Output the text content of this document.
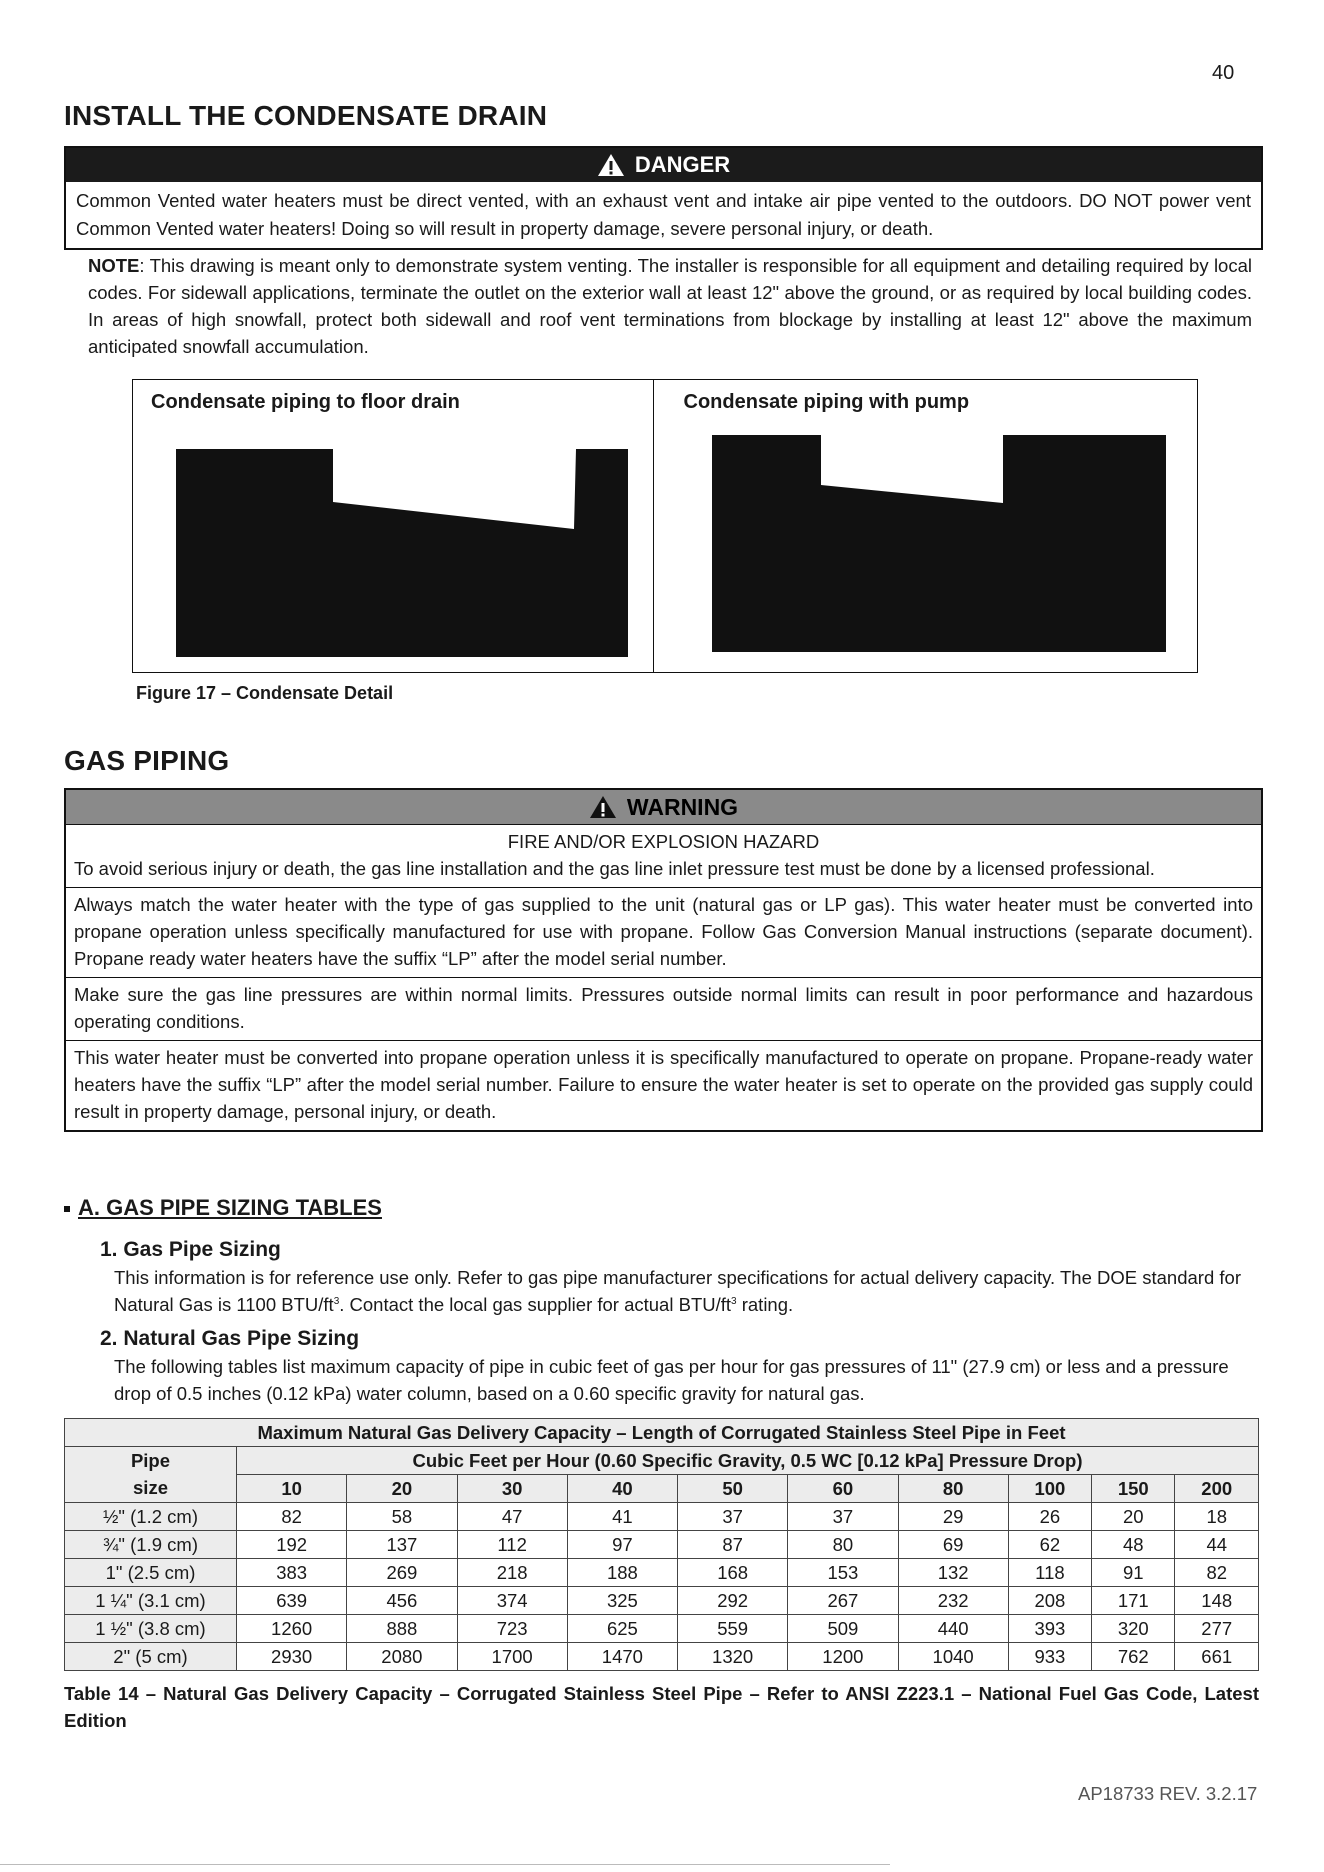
40
INSTALL THE CONDENSATE DRAIN
DANGER
Common Vented water heaters must be direct vented, with an exhaust vent and intake air pipe vented to the outdoors. DO NOT power vent Common Vented water heaters! Doing so will result in property damage, severe personal injury, or death.
NOTE: This drawing is meant only to demonstrate system venting. The installer is responsible for all equipment and detailing required by local codes. For sidewall applications, terminate the outlet on the exterior wall at least 12" above the ground, or as required by local building codes. In areas of high snowfall, protect both sidewall and roof vent terminations from blockage by installing at least 12" above the maximum anticipated snowfall accumulation.
Condensate piping to floor drain	Condensate piping with pump
Figure 17 – Condensate Detail
GAS PIPING
WARNING
FIRE AND/OR EXPLOSION HAZARD
To avoid serious injury or death, the gas line installation and the gas line inlet pressure test must be done by a licensed professional.
Always match the water heater with the type of gas supplied to the unit (natural gas or LP gas). This water heater must be converted into propane operation unless specifically manufactured for use with propane. Follow Gas Conversion Manual instructions (separate document). Propane ready water heaters have the suffix “LP” after the model serial number.
Make sure the gas line pressures are within normal limits. Pressures outside normal limits can result in poor performance and hazardous operating conditions.
This water heater must be converted into propane operation unless it is specifically manufactured to operate on propane. Propane-ready water heaters have the suffix “LP” after the model serial number. Failure to ensure the water heater is set to operate on the provided gas supply could result in property damage, personal injury, or death.
A. GAS PIPE SIZING TABLES
1. Gas Pipe Sizing
This information is for reference use only. Refer to gas pipe manufacturer specifications for actual delivery capacity. The DOE standard for Natural Gas is 1100 BTU/$ft^3$. Contact the local gas supplier for actual BTU/$ft^3$ rating.
2. Natural Gas Pipe Sizing
The following tables list maximum capacity of pipe in cubic feet of gas per hour for gas pressures of 11" (27.9 cm) or less and a pressure drop of 0.5 inches (0.12 kPa) water column, based on a 0.60 specific gravity for natural gas.
Maximum Natural Gas Delivery Capacity – Length of Corrugated Stainless Steel Pipe in Feet										
Pipe	Cubic Feet per Hour (0.60 Specific Gravity, 0.5 WC [0.12 kPa] Pressure Drop)									
size	10	20	30	40	50	60	80	100	150	200
½" (1.2 cm)	82	58	47	41	37	37	29	26	20	18
¾" (1.9 cm)	192	137	112	97	87	80	69	62	48	44
1" (2.5 cm)	383	269	218	188	168	153	132	118	91	82
1 ¼" (3.1 cm)	639	456	374	325	292	267	232	208	171	148
1 ½" (3.8 cm)	1260	888	723	625	559	509	440	393	320	277
2" (5 cm)	2930	2080	1700	1470	1320	1200	1040	933	762	661
Table 14 – Natural Gas Delivery Capacity – Corrugated Stainless Steel Pipe – Refer to ANSI Z223.1 – National Fuel Gas Code, Latest Edition
AP18733 REV. 3.2.17
